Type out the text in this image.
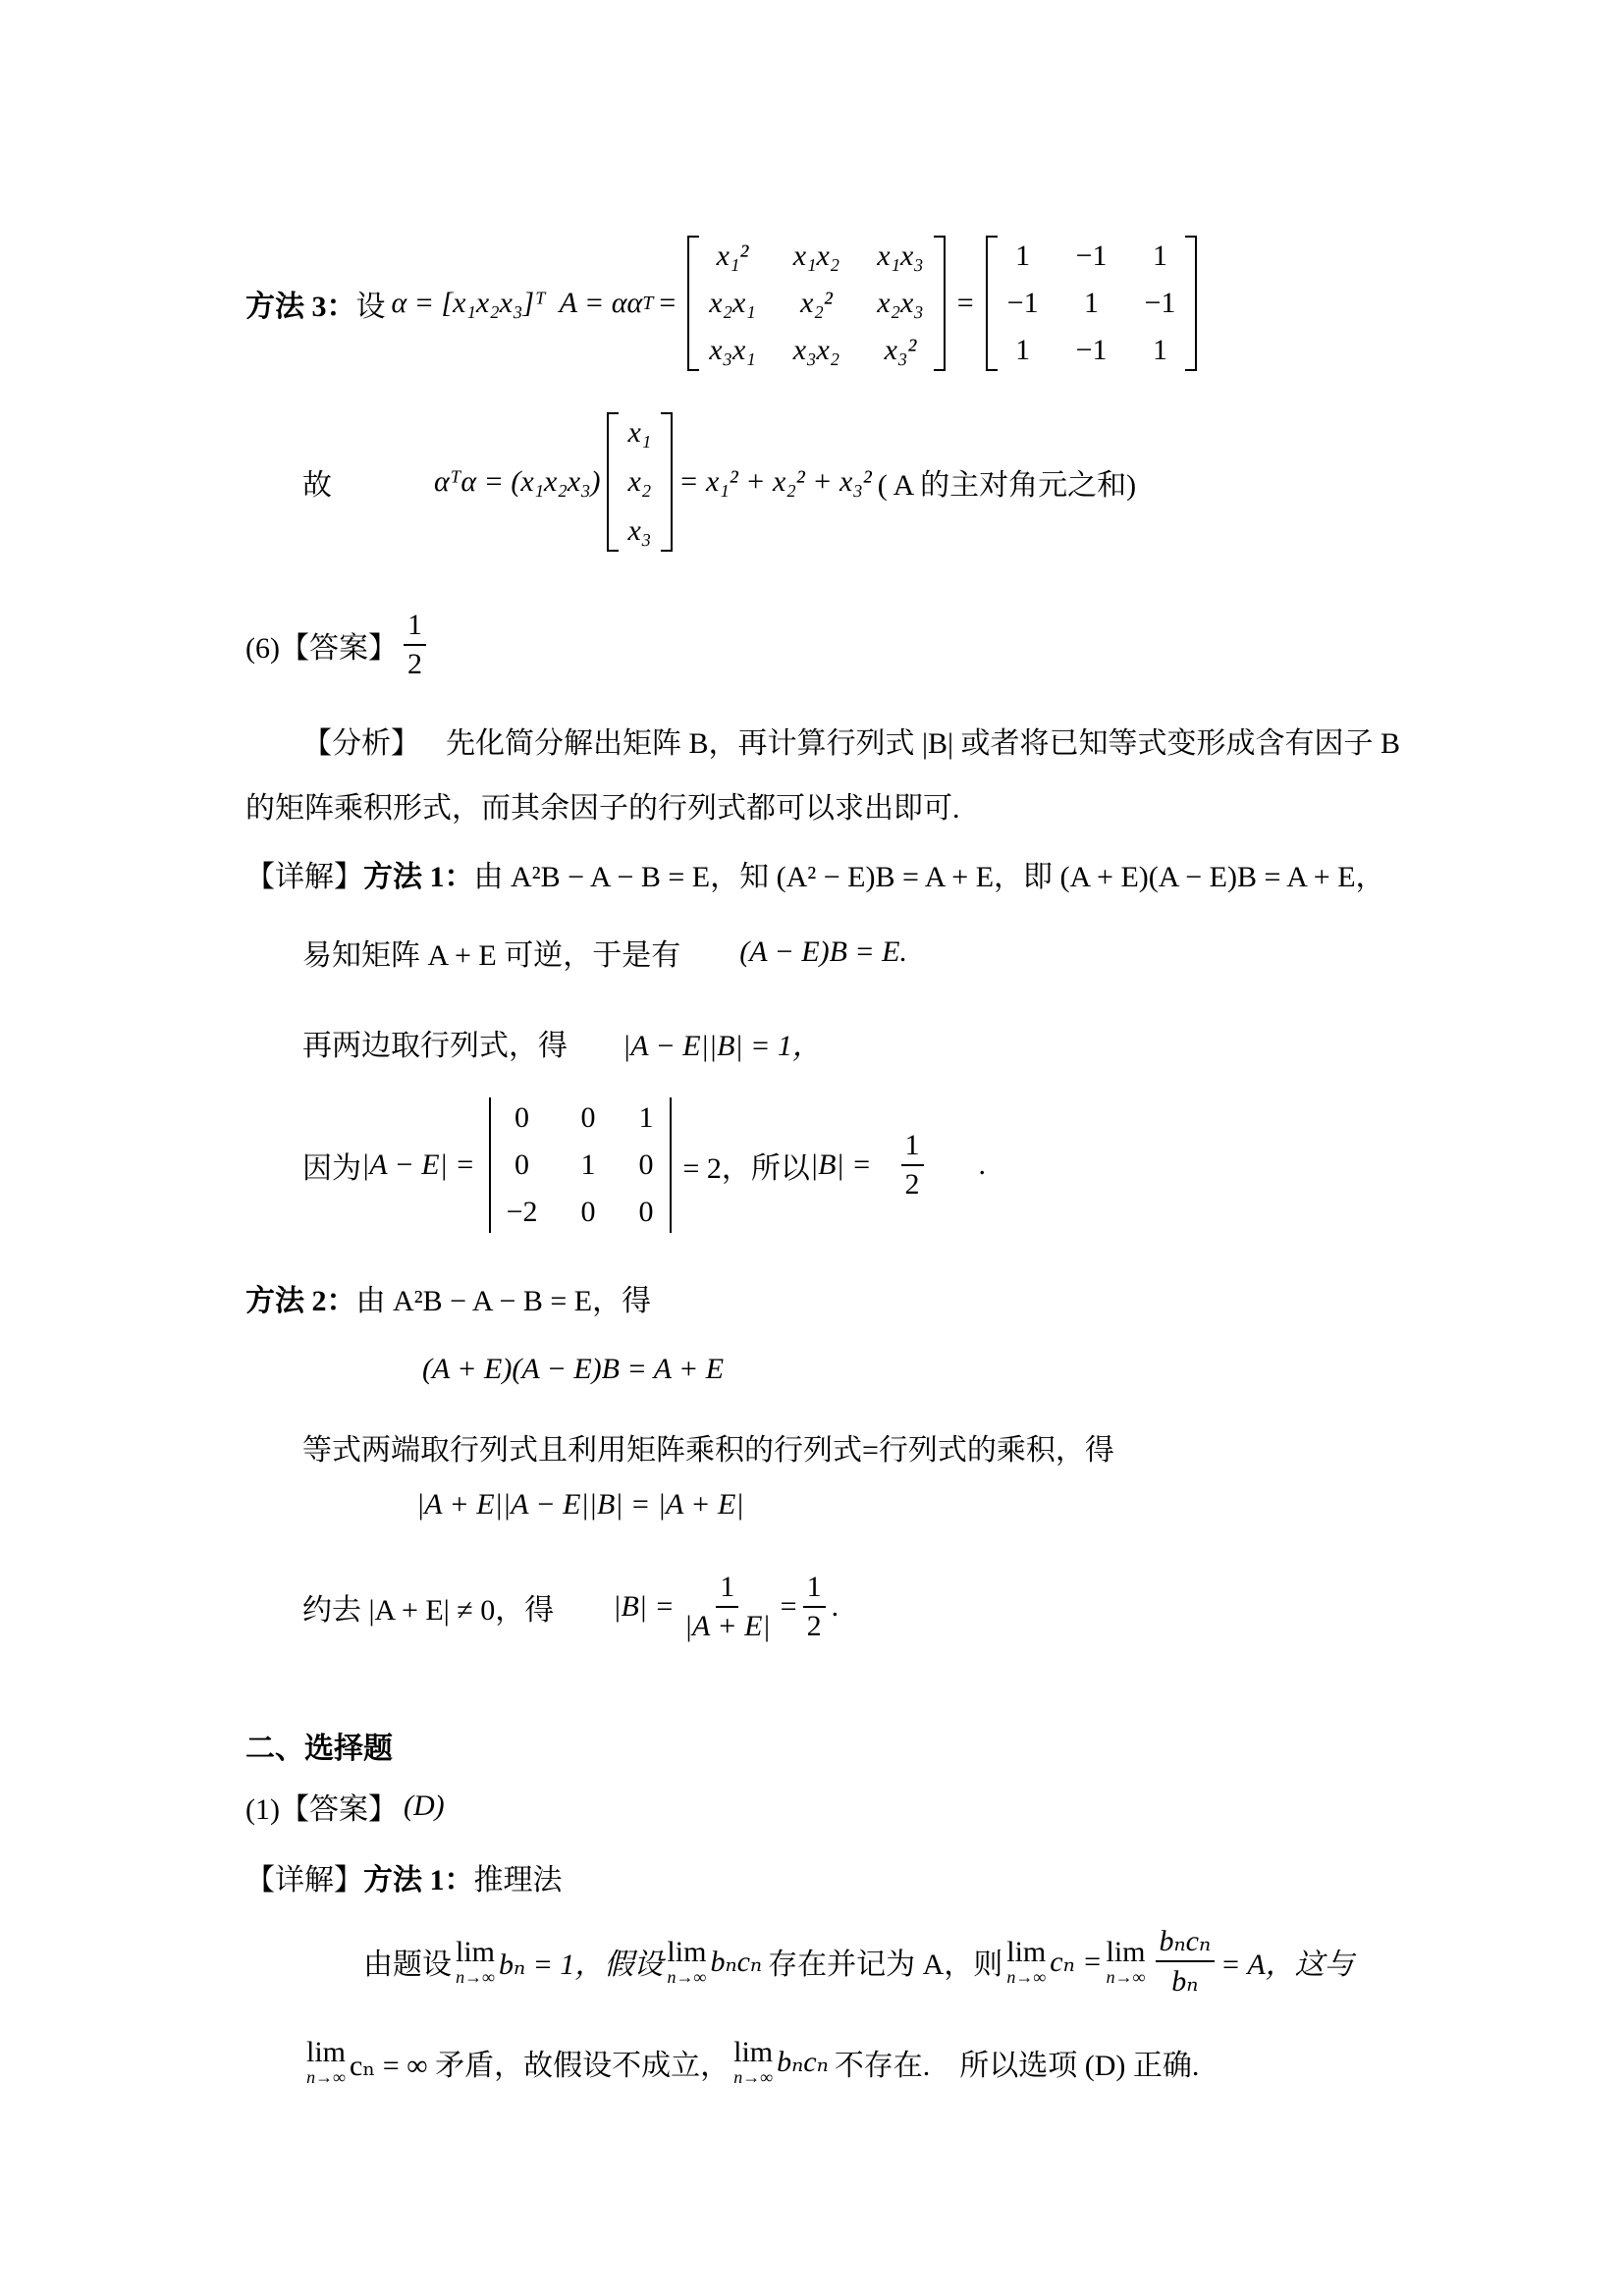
方法 3： 设 α = [x₁x₂x₃]ᵀ A = αα T =
x₁² x₁x₂ x₁x₃
x₂x₁ x₂² x₂x₃
x₃x₁ x₃x₂ x₃²
=
1 −1 1
−1 1 −1
1 −1 1
故	αᵀα = (x₁x₂x₃)
x₁
x₂
x₃
= x₁² + x₂² + x₃² ( A 的主对角元之和)
(6)【答案】 $\frac{1}{2}$
【分析】 先化简分解出矩阵 B，再计算行列式 |B| 或者将已知等式变形成含有因子 B
的矩阵乘积形式，而其余因子的行列式都可以求出即可.
【详解】 方法 1： 由 A²B − A − B = E，知 (A² − E)B = A + E，即 (A + E)(A − E)B = A + E，
易知矩阵 A + E 可逆，于是有 (A − E)B = E.
再两边取行列式，得 |A − E||B| = 1，
因为 |A − E| =
0 0 1
0 1 0
−2 0 0
= 2，所以 $|B| = \frac{1}{2}$ .
方法 2： 由 A²B − A − B = E，得
(A + E)(A − E)B = A + E
等式两端取行列式且利用矩阵乘积的行列式=行列式的乘积，得
|A + E||A − E||B| = |A + E|
约去 |A + E| ≠ 0，得 $|B| = \frac{1}{|A + E|} = \frac{1}{2}$ .
二、选择题
(1)【答案】 (D)
【详解】 方法 1： 推理法
由题设 lim
n→∞ bₙ = 1，假设 lim
n→∞ bₙcₙ 存在并记为 A，则 lim
n→∞ cₙ = lim
$n\to\infty \frac{\text{bₙcₙ}}{\text{bₙ}} = A$，这与
lim
n→∞ cₙ = ∞ 矛盾，故假设不成立， lim
n→∞ bₙcₙ 不存在.　所以选项 (D) 正确.
